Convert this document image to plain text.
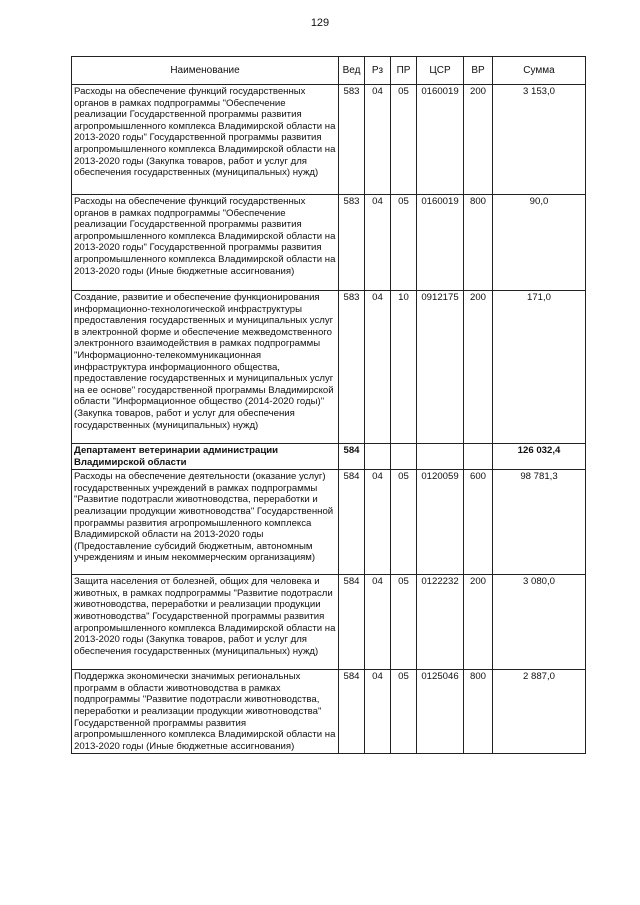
129
Наименование	Вед	Рз	ПР	ЦСР	ВР	Сумма
Расходы на обеспечение функций государственных органов в рамках подпрограммы "Обеспечение реализации Государственной программы развития агропромышленного комплекса Владимирской области на 2013-2020 годы" Государственной программы развития агропромышленного комплекса Владимирской области на 2013-2020 годы (Закупка товаров, работ и услуг для обеспечения государственных (муниципальных) нужд)	583	04	05	0160019	200	3 153,0
Расходы на обеспечение функций государственных органов в рамках подпрограммы "Обеспечение реализации Государственной программы развития агропромышленного комплекса Владимирской области на 2013-2020 годы" Государственной программы развития агропромышленного комплекса Владимирской области на 2013-2020 годы (Иные бюджетные ассигнования)	583	04	05	0160019	800	90,0
Создание, развитие и обеспечение функционирования информационно-технологической инфраструктуры предоставления государственных и муниципальных услуг в электронной форме и обеспечение межведомственного электронного взаимодействия в рамках подпрограммы "Информационно-телекоммуникационная инфраструктура информационного общества, предоставление государственных и муниципальных услуг на ее основе" государственной программы Владимирской области "Информационное общество (2014-2020 годы)" (Закупка товаров, работ и услуг для обеспечения государственных (муниципальных) нужд)	583	04	10	0912175	200	171,0
Департамент ветеринарии администрации Владимирской области	584					126 032,4
Расходы на обеспечение деятельности (оказание услуг) государственных учреждений в рамках подпрограммы "Развитие подотрасли животноводства, переработки и реализации продукции животноводства" Государственной программы развития агропромышленного комплекса Владимирской области на 2013-2020 годы (Предоставление субсидий бюджетным, автономным учреждениям и иным некоммерческим организациям)	584	04	05	0120059	600	98 781,3
Защита населения от болезней, общих для человека и животных, в рамках подпрограммы "Развитие подотрасли животноводства, переработки и реализации продукции животноводства" Государственной программы развития агропромышленного комплекса Владимирской области на 2013-2020 годы (Закупка товаров, работ и услуг для обеспечения государственных (муниципальных) нужд)	584	04	05	0122232	200	3 080,0
Поддержка экономически значимых региональных программ в области животноводства в рамках подпрограммы "Развитие подотрасли животноводства, переработки и реализации продукции животноводства" Государственной программы развития агропромышленного комплекса Владимирской области на 2013-2020 годы (Иные бюджетные ассигнования)	584	04	05	0125046	800	2 887,0
